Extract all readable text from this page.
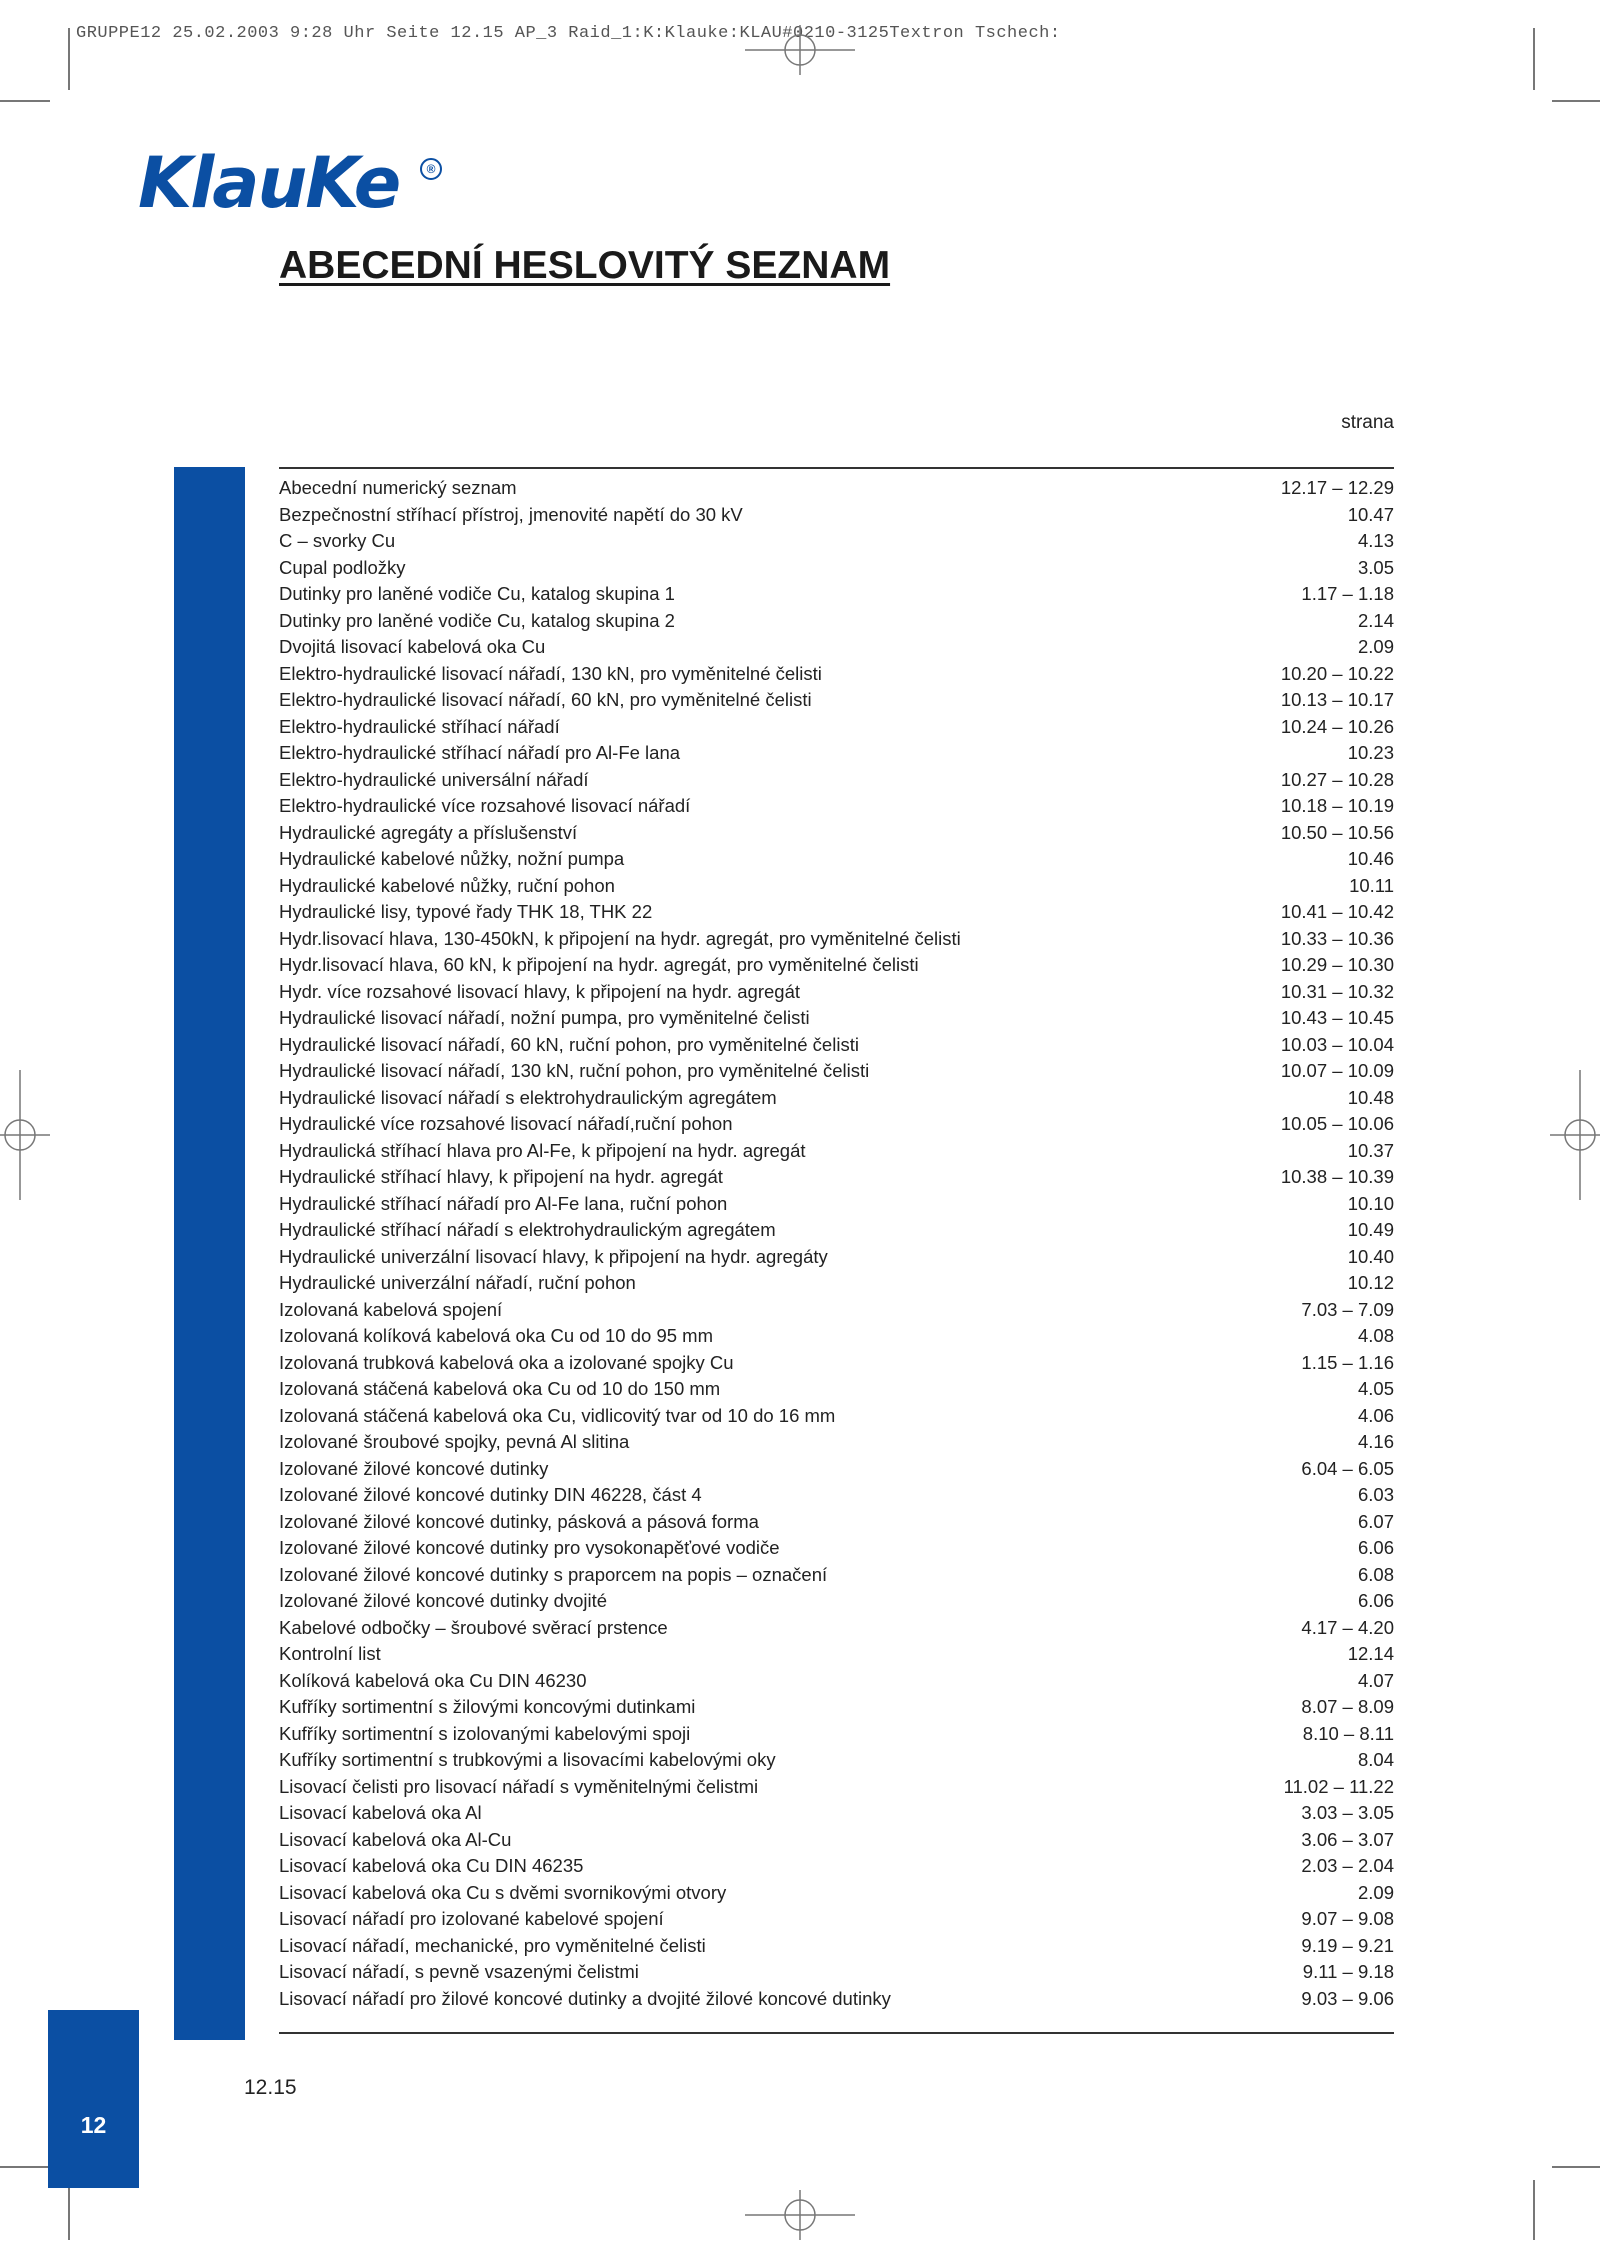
GRUPPE12 25.02.2003 9:28 Uhr Seite 12.15 AP_3 Raid_1:K:Klauke:KLAU#0210-3125Textron Tschech:
KlauKe	®
ABECEDNÍ HESLOVITÝ SEZNAM
strana
Abecední numerický seznam	12.17 – 12.29
Bezpečnostní stříhací přístroj, jmenovité napětí do 30 kV	10.47
C – svorky Cu	4.13
Cupal podložky	3.05
Dutinky pro laněné vodiče Cu, katalog skupina 1	1.17 – 1.18
Dutinky pro laněné vodiče Cu, katalog skupina 2	2.14
Dvojitá lisovací kabelová oka Cu	2.09
Elektro-hydraulické lisovací nářadí, 130 kN, pro vyměnitelné čelisti	10.20 – 10.22
Elektro-hydraulické lisovací nářadí, 60 kN, pro vyměnitelné čelisti	10.13 – 10.17
Elektro-hydraulické stříhací nářadí	10.24 – 10.26
Elektro-hydraulické stříhací nářadí pro Al-Fe lana	10.23
Elektro-hydraulické universální nářadí	10.27 – 10.28
Elektro-hydraulické více rozsahové lisovací nářadí	10.18 – 10.19
Hydraulické agregáty a příslušenství	10.50 – 10.56
Hydraulické kabelové nůžky, nožní pumpa	10.46
Hydraulické kabelové nůžky, ruční pohon	10.11
Hydraulické lisy, typové řady THK 18, THK 22	10.41 – 10.42
Hydr.lisovací hlava, 130-450kN, k připojení na hydr. agregát, pro vyměnitelné čelisti	10.33 – 10.36
Hydr.lisovací hlava, 60 kN, k připojení na hydr. agregát, pro vyměnitelné čelisti	10.29 – 10.30
Hydr. více rozsahové lisovací hlavy, k připojení na hydr. agregát	10.31 – 10.32
Hydraulické lisovací nářadí, nožní pumpa, pro vyměnitelné čelisti	10.43 – 10.45
Hydraulické lisovací nářadí, 60 kN, ruční pohon, pro vyměnitelné čelisti	10.03 – 10.04
Hydraulické lisovací nářadí, 130 kN, ruční pohon, pro vyměnitelné čelisti	10.07 – 10.09
Hydraulické lisovací nářadí s elektrohydraulickým agregátem	10.48
Hydraulické více rozsahové lisovací nářadí,ruční pohon	10.05 – 10.06
Hydraulická stříhací hlava pro Al-Fe, k připojení na hydr. agregát	10.37
Hydraulické stříhací hlavy, k připojení na hydr. agregát	10.38 – 10.39
Hydraulické stříhací nářadí pro Al-Fe lana, ruční pohon	10.10
Hydraulické stříhací nářadí s elektrohydraulickým agregátem	10.49
Hydraulické univerzální lisovací hlavy, k připojení na hydr. agregáty	10.40
Hydraulické univerzální nářadí, ruční pohon	10.12
Izolovaná kabelová spojení	7.03 – 7.09
Izolovaná kolíková kabelová oka Cu od 10 do 95 mm	4.08
Izolovaná trubková kabelová oka a izolované spojky Cu	1.15 – 1.16
Izolovaná stáčená kabelová oka Cu od 10 do 150 mm	4.05
Izolovaná stáčená kabelová oka Cu, vidlicovitý tvar od 10 do 16 mm	4.06
Izolované šroubové spojky, pevná Al slitina	4.16
Izolované žilové koncové dutinky	6.04 – 6.05
Izolované žilové koncové dutinky DIN 46228, část 4	6.03
Izolované žilové koncové dutinky, pásková a pásová forma	6.07
Izolované žilové koncové dutinky pro vysokonapěťové vodiče	6.06
Izolované žilové koncové dutinky s praporcem na popis – označení	6.08
Izolované žilové koncové dutinky dvojité	6.06
Kabelové odbočky – šroubové svěrací prstence	4.17 – 4.20
Kontrolní list	12.14
Kolíková kabelová oka Cu DIN 46230	4.07
Kufříky sortimentní s žilovými koncovými dutinkami	8.07 – 8.09
Kufříky sortimentní s izolovanými kabelovými spoji	8.10 – 8.11
Kufříky sortimentní s trubkovými a lisovacími kabelovými oky	8.04
Lisovací čelisti pro lisovací nářadí s vyměnitelnými čelistmi	11.02 – 11.22
Lisovací kabelová oka Al	3.03 – 3.05
Lisovací kabelová oka Al-Cu	3.06 – 3.07
Lisovací kabelová oka Cu DIN 46235	2.03 – 2.04
Lisovací kabelová oka Cu s dvěmi svornikovými otvory	2.09
Lisovací nářadí pro izolované kabelové spojení	9.07 – 9.08
Lisovací nářadí, mechanické, pro vyměnitelné čelisti	9.19 – 9.21
Lisovací nářadí, s pevně vsazenými čelistmi	9.11 – 9.18
Lisovací nářadí pro žilové koncové dutinky a dvojité žilové koncové dutinky	9.03 – 9.06
12.15
12
